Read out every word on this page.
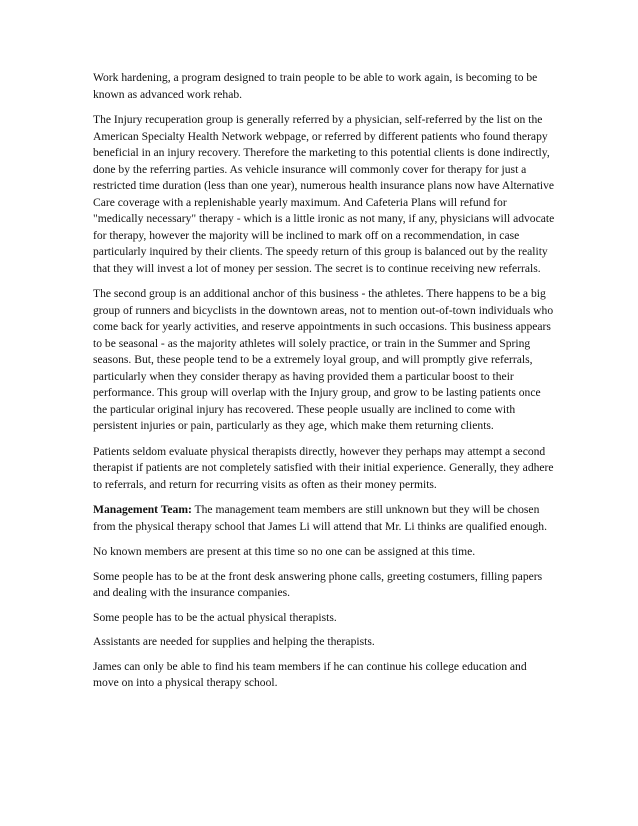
Work hardening, a program designed to train people to be able to work again, is becoming to be known as advanced work rehab.

The Injury recuperation group is generally referred by a physician, self-referred by the list on the American Specialty Health Network webpage, or referred by different patients who found therapy beneficial in an injury recovery. Therefore the marketing to this potential clients is done indirectly, done by the referring parties. As vehicle insurance will commonly cover for therapy for just a restricted time duration (less than one year), numerous health insurance plans now have Alternative Care coverage with a replenishable yearly maximum. And Cafeteria Plans will refund for "medically necessary" therapy - which is a little ironic as not many, if any, physicians will advocate for therapy, however the majority will be inclined to mark off on a recommendation, in case particularly inquired by their clients. The speedy return of this group is balanced out by the reality that they will invest a lot of money per session. The secret is to continue receiving new referrals.

The second group is an additional anchor of this business - the athletes. There happens to be a big group of runners and bicyclists in the downtown areas, not to mention out-of-town individuals who come back for yearly activities, and reserve appointments in such occasions. This business appears to be seasonal - as the majority athletes will solely practice, or train in the Summer and Spring seasons. But, these people tend to be a extremely loyal group, and will promptly give referrals, particularly when they consider therapy as having provided them a particular boost to their performance. This group will overlap with the Injury group, and grow to be lasting patients once the particular original injury has recovered. These people usually are inclined to come with persistent injuries or pain, particularly as they age, which make them returning clients.

Patients seldom evaluate physical therapists directly, however they perhaps may attempt a second therapist if patients are not completely satisfied with their initial experience. Generally, they adhere to referrals, and return for recurring visits as often as their money permits.

Management Team: The management team members are still unknown but they will be chosen from the physical therapy school that James Li will attend that Mr. Li thinks are qualified enough.

No known members are present at this time so no one can be assigned at this time.

Some people has to be at the front desk answering phone calls, greeting costumers, filling papers and dealing with the insurance companies.

Some people has to be the actual physical therapists.

Assistants are needed for supplies and helping the therapists.

James can only be able to find his team members if he can continue his college education and move on into a physical therapy school.
